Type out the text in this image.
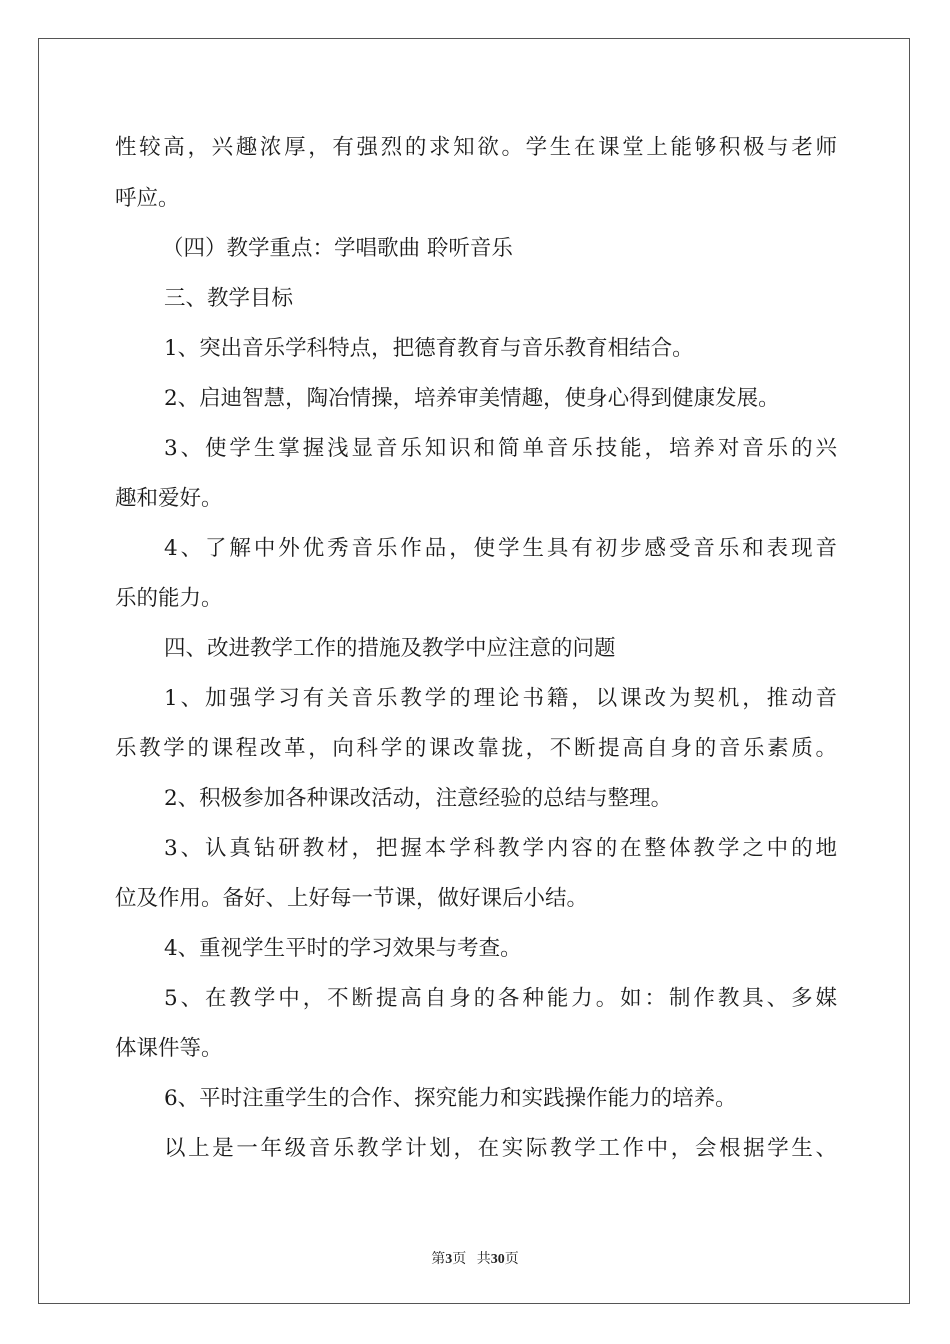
性较高，兴趣浓厚，有强烈的求知欲。学生在课堂上能够积极与老师
呼应。
（四）教学重点：学唱歌曲 聆听音乐
三、教学目标
1、突出音乐学科特点，把德育教育与音乐教育相结合。
2、启迪智慧，陶冶情操，培养审美情趣，使身心得到健康发展。
3、使学生掌握浅显音乐知识和简单音乐技能，培养对音乐的兴
趣和爱好。
4、了解中外优秀音乐作品，使学生具有初步感受音乐和表现音
乐的能力。
四、改进教学工作的措施及教学中应注意的问题
1、加强学习有关音乐教学的理论书籍，以课改为契机，推动音
乐教学的课程改革，向科学的课改靠拢，不断提高自身的音乐素质。
2、积极参加各种课改活动，注意经验的总结与整理。
3、认真钻研教材，把握本学科教学内容的在整体教学之中的地
位及作用。备好、上好每一节课，做好课后小结。
4、重视学生平时的学习效果与考查。
5、在教学中，不断提高自身的各种能力。如：制作教具、多媒
体课件等。
6、平时注重学生的合作、探究能力和实践操作能力的培养。
以上是一年级音乐教学计划，在实际教学工作中，会根据学生、
第3页 共30页
